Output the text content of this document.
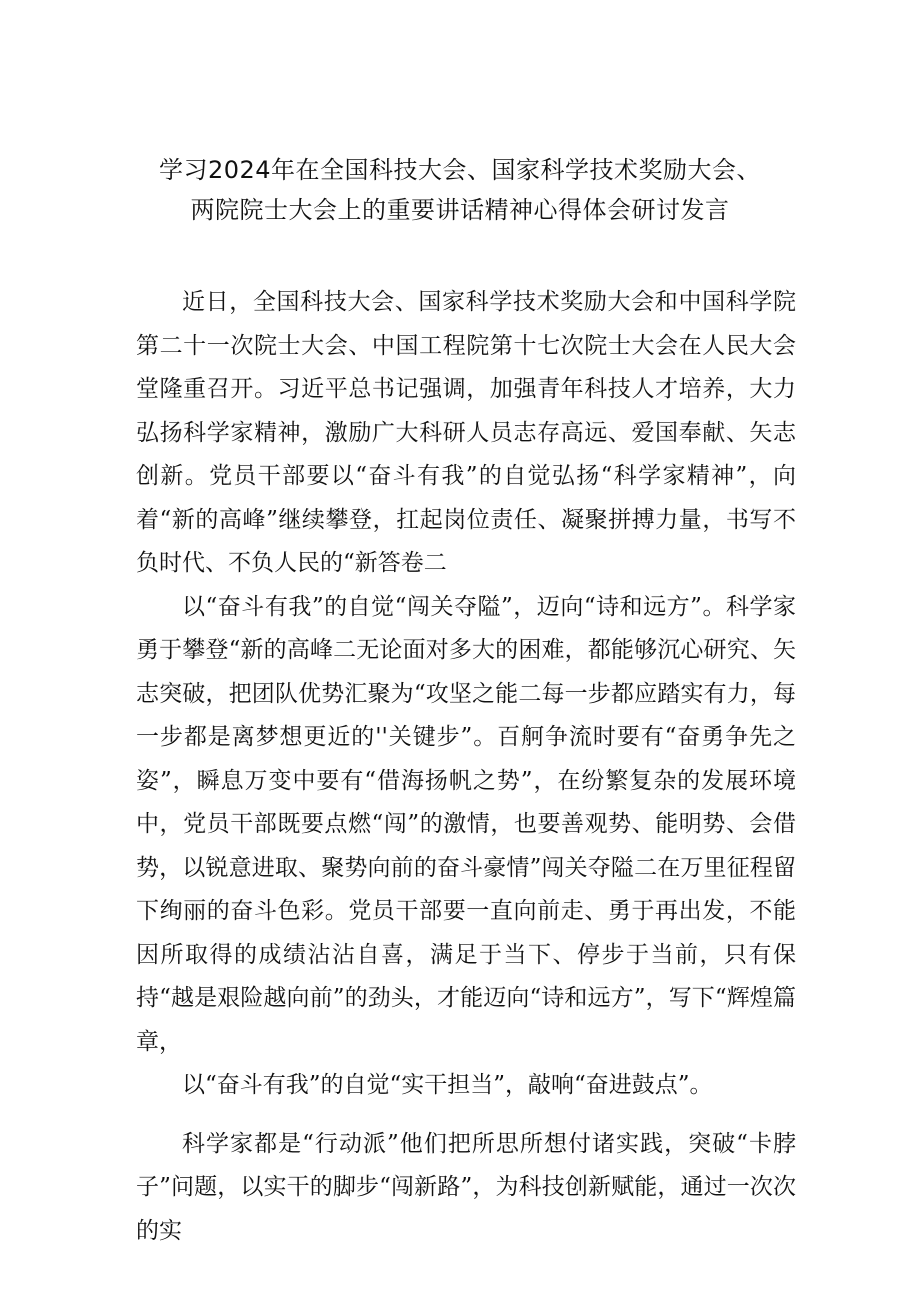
学习2024年在全国科技大会、国家科学技术奖励大会、
两院院士大会上的重要讲话精神心得体会研讨发言

近日，全国科技大会、国家科学技术奖励大会和中国科学院第二十一次院士大会、中国工程院第十七次院士大会在人民大会堂隆重召开。习近平总书记强调，加强青年科技人才培养，大力弘扬科学家精神，激励广大科研人员志存高远、爱国奉献、矢志创新。党员干部要以“奋斗有我”的自觉弘扬“科学家精神”，向着“新的高峰”继续攀登，扛起岗位责任、凝聚拼搏力量，书写不负时代、不负人民的“新答卷二

以“奋斗有我”的自觉“闯关夺隘”，迈向“诗和远方”。科学家勇于攀登“新的高峰二无论面对多大的困难，都能够沉心研究、矢志突破，把团队优势汇聚为“攻坚之能二每一步都应踏实有力，每一步都是离梦想更近的''关键步”。百舸争流时要有“奋勇争先之姿”，瞬息万变中要有“借海扬帆之势”，在纷繁复杂的发展环境中，党员干部既要点燃“闯”的激情，也要善观势、能明势、会借势，以锐意进取、聚势向前的奋斗豪情”闯关夺隘二在万里征程留下绚丽的奋斗色彩。党员干部要一直向前走、勇于再出发，不能因所取得的成绩沾沾自喜，满足于当下、停步于当前，只有保持“越是艰险越向前”的劲头，才能迈向“诗和远方”，写下“辉煌篇章，

以“奋斗有我”的自觉“实干担当”，敲响“奋进鼓点”。

科学家都是“行动派”他们把所思所想付诸实践，突破“卡脖子”问题，以实干的脚步“闯新路”，为科技创新赋能，通过一次次的实
